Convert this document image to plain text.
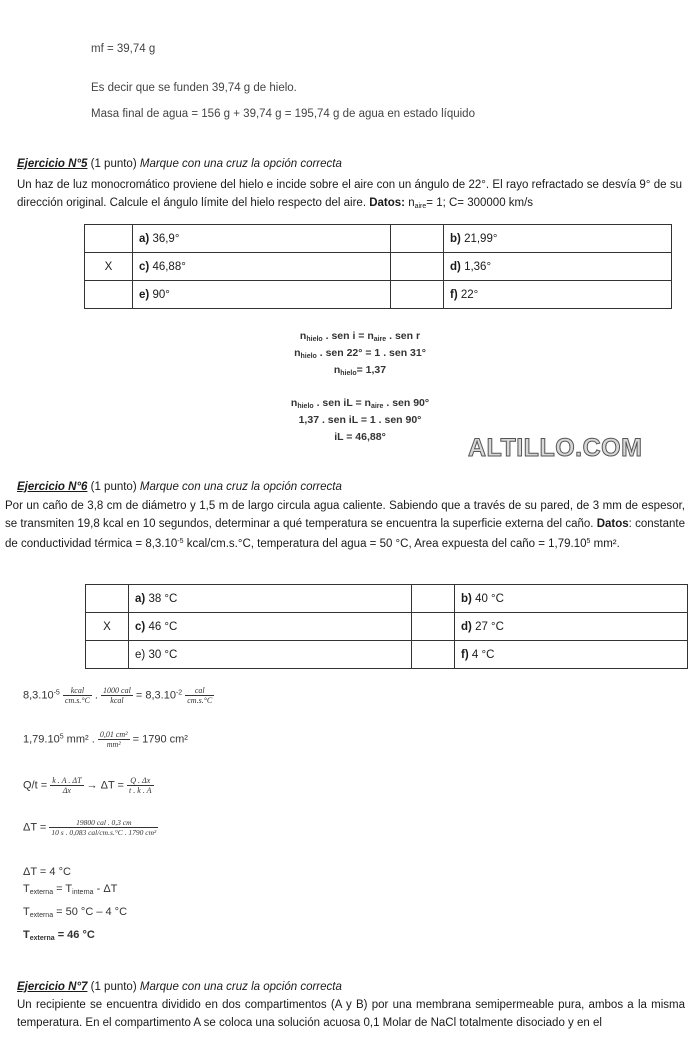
mf = 39,74 g
Es decir que se funden 39,74 g de hielo.
Masa final de agua = 156 g + 39,74 g = 195,74 g de agua en estado líquido
Ejercicio N°5 (1 punto) Marque con una cruz la opción correcta
Un haz de luz monocromático proviene del hielo e incide sobre el aire con un ángulo de 22°. El rayo refractado se desvía 9° de su dirección original. Calcule el ángulo límite del hielo respecto del aire. Datos: $n_{aire}= 1$; C= 300000 km/s
	a) 36,9°		b) 21,99°
X	c) 46,88°		d) 1,36°
	e) 90°		f) 22°
$n_{hielo}$ . sen $i = n_{aire}$ . sen r
$n_{hielo}$ . sen 22° = 1 . sen 31°
$n_{hielo}= 1,37$
$n_{hielo}$ . sen iL = $n_{aire}$ . sen 90°
1,37 . sen iL = 1 . sen 90°
iL = 46,88°	ALTILLO.COM
Ejercicio N°6 (1 punto) Marque con una cruz la opción correcta
Por un caño de 3,8 cm de diámetro y 1,5 m de largo circula agua caliente. Sabiendo que a través de su pared, de 3 mm de espesor, se transmiten 19,8 kcal en 10 segundos, determinar a qué temperatura se encuentra la superficie externa del caño. Datos: constante de conductividad térmica = $8,3.10^{-5}$ kcal/cm.s.°C, temperatura del agua = 50 °C, Area expuesta del caño = $1,79.10^5$ mm².
	a) 38 °C		b) 40 °C
X	c) 46 °C		d) 27 °C
	e) 30 °C		f) 4 °C
$8,3.10^{-5} \frac{\text{kcal}}{cm.s.^\circ C}$ . $\frac{\text{1000 cal}}{\text{kcal}} = 8,3.10^{-2} \frac{\text{cal}}{cm.s.^\circ C}$
1,79.10$^5$ mm² . $\frac{\text{0,01 cm²}}{\text{mm²}} = 1790$ cm²
$Q/t = \frac{k . A . \Delta T}{\Delta x} \to \Delta T = \frac{Q . \Delta x}{t . k . A}$
$\Delta T = \frac{\text{19800 cal . 0,3 cm}}{\text{10 s . 0,083 cal/cm.s.°C . 1790 cm²}}$
ΔT = 4 °C
$T_{externa} = T_{interna} - \Delta T$
$T_{externa} = 50$ °C – 4 °C
$T_{externa} = 46$ °C
Ejercicio N°7 (1 punto) Marque con una cruz la opción correcta
Un recipiente se encuentra dividido en dos compartimentos (A y B) por una membrana semipermeable pura, ambos a la misma temperatura. En el compartimento A se coloca una solución acuosa 0,1 Molar de NaCl totalmente disociado y en el
